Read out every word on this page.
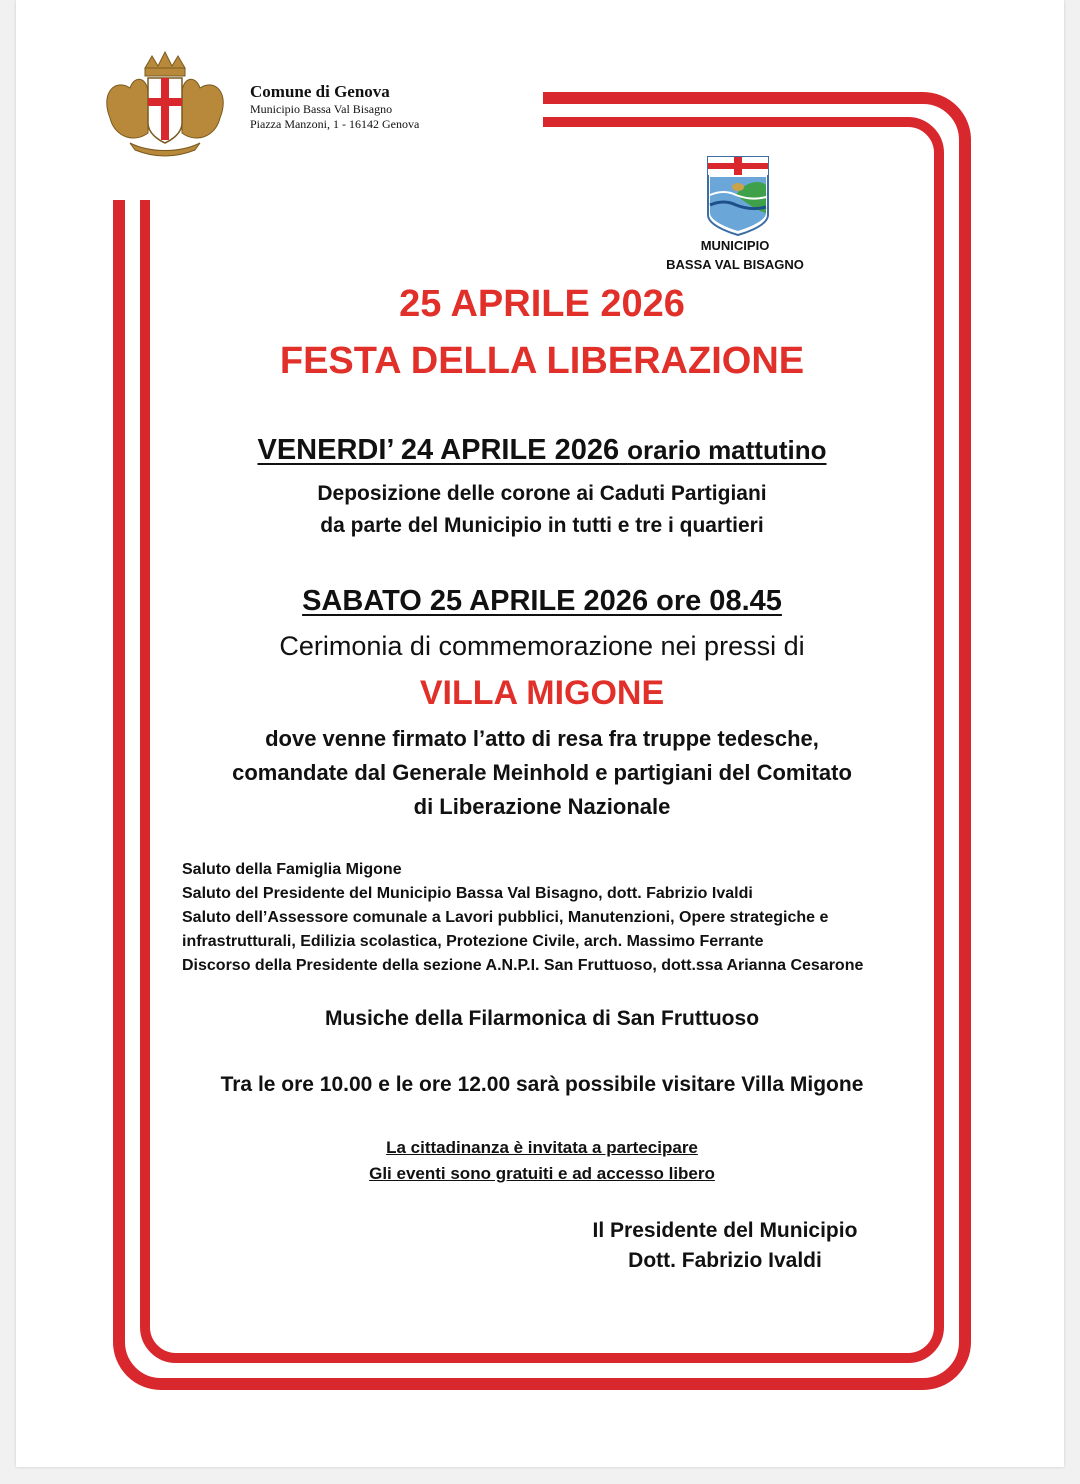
Comune di Genova
Municipio Bassa Val Bisagno
Piazza Manzoni, 1 - 16142 Genova
MUNICIPIO
BASSA VAL BISAGNO
25 APRILE 2026
FESTA DELLA LIBERAZIONE
VENERDI’ 24 APRILE 2026 orario mattutino
Deposizione delle corone ai Caduti Partigiani
da parte del Municipio in tutti e tre i quartieri
SABATO 25 APRILE 2026 ore 08.45
Cerimonia di commemorazione nei pressi di
VILLA MIGONE
dove venne firmato l’atto di resa fra truppe tedesche,
comandate dal Generale Meinhold e partigiani del Comitato
di Liberazione Nazionale
Saluto della Famiglia Migone
Saluto del Presidente del Municipio Bassa Val Bisagno, dott. Fabrizio Ivaldi
Saluto dell’Assessore comunale a Lavori pubblici, Manutenzioni, Opere strategiche e
infrastrutturali, Edilizia scolastica, Protezione Civile, arch. Massimo Ferrante
Discorso della Presidente della sezione A.N.P.I. San Fruttuoso, dott.ssa Arianna Cesarone
Musiche della Filarmonica di San Fruttuoso
Tra le ore 10.00 e le ore 12.00 sarà possibile visitare Villa Migone
La cittadinanza è invitata a partecipare
Gli eventi sono gratuiti e ad accesso libero
Il Presidente del Municipio
Dott. Fabrizio Ivaldi
